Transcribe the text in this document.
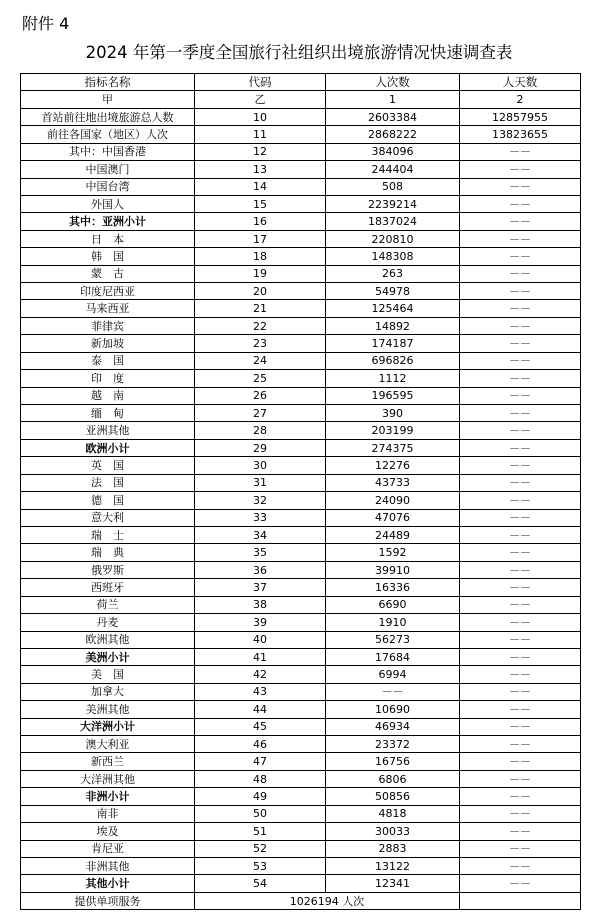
附件 4
2024 年第一季度全国旅行社组织出境旅游情况快速调查表
指标名称	代码	人次数	人天数
甲	乙	1	2
首站前往地出境旅游总人数	10	2603384	12857955
前往各国家（地区）人次	11	2868222	13823655
其中：中国香港	12	384096	－－
中国澳门	13	244404	－－
中国台湾	14	508	－－
外国人	15	2239214	－－
其中：亚洲小计	16	1837024	－－
日　本	17	220810	－－
韩　国	18	148308	－－
蒙　古	19	263	－－
印度尼西亚	20	54978	－－
马来西亚	21	125464	－－
菲律宾	22	14892	－－
新加坡	23	174187	－－
泰　国	24	696826	－－
印　度	25	1112	－－
越　南	26	196595	－－
缅　甸	27	390	－－
亚洲其他	28	203199	－－
欧洲小计	29	274375	－－
英　国	30	12276	－－
法　国	31	43733	－－
德　国	32	24090	－－
意大利	33	47076	－－
瑞　士	34	24489	－－
瑞　典	35	1592	－－
俄罗斯	36	39910	－－
西班牙	37	16336	－－
荷兰	38	6690	－－
丹麦	39	1910	－－
欧洲其他	40	56273	－－
美洲小计	41	17684	－－
美　国	42	6994	－－
加拿大	43	－－	－－
美洲其他	44	10690	－－
大洋洲小计	45	46934	－－
澳大利亚	46	23372	－－
新西兰	47	16756	－－
大洋洲其他	48	6806	－－
非洲小计	49	50856	－－
南非	50	4818	－－
埃及	51	30033	－－
肯尼亚	52	2883	－－
非洲其他	53	13122	－－
其他小计	54	12341	－－
提供单项服务	1026194 人次		
